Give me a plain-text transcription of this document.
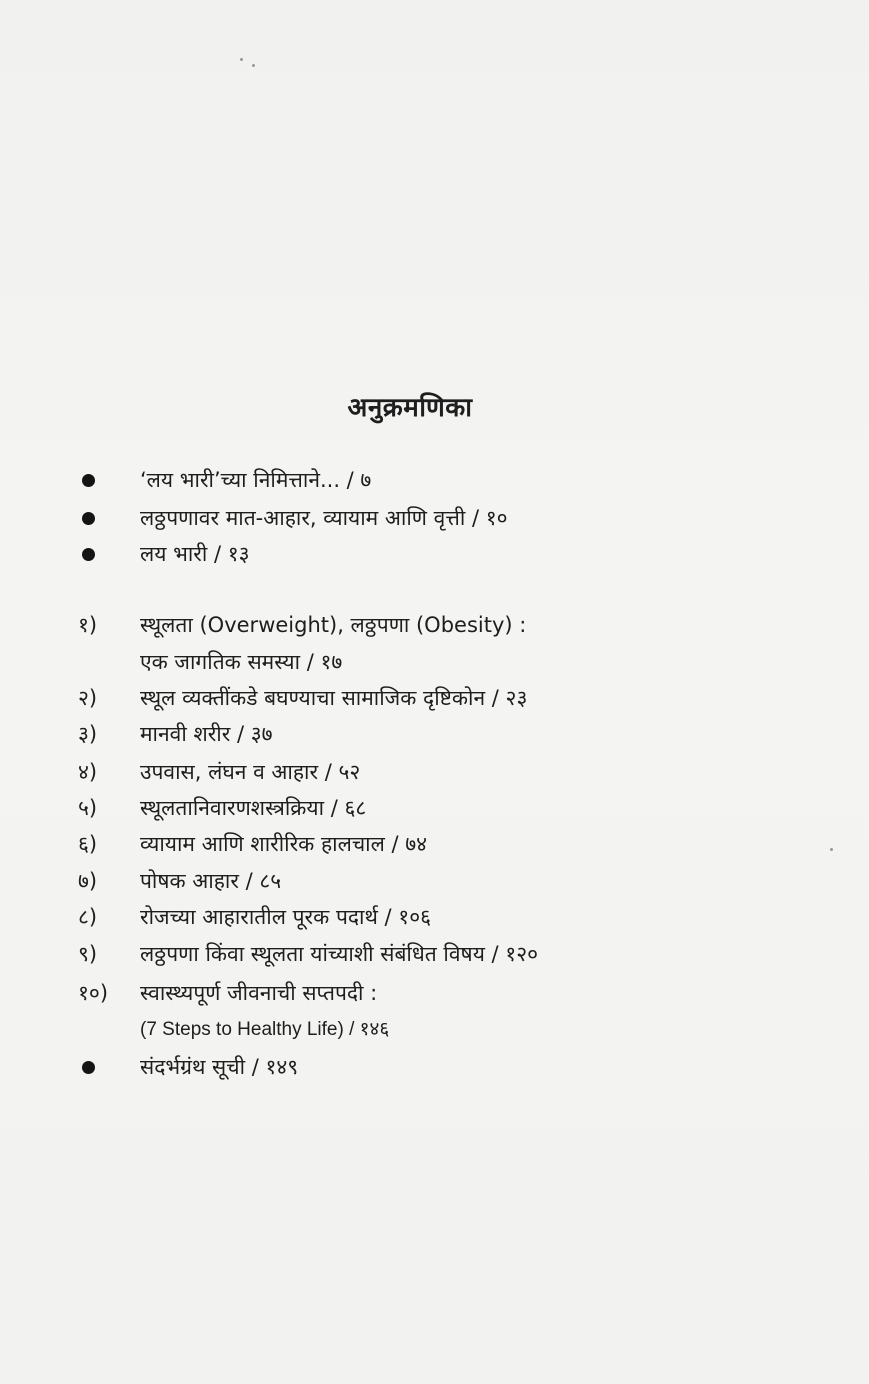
अनुक्रमणिका
‘लय भारी’च्या निमित्ताने... / ७
लठ्ठपणावर मात-आहार, व्यायाम आणि वृत्ती / १०
लय भारी / १३
१)	स्थूलता (Overweight), लठ्ठपणा (Obesity) :
एक जागतिक समस्या / १७
२)	स्थूल व्यक्तींकडे बघण्याचा सामाजिक दृष्टिकोन / २३
३)	मानवी शरीर / ३७
४)	उपवास, लंघन व आहार / ५२
५)	स्थूलतानिवारणशस्त्रक्रिया / ६८
६)	व्यायाम आणि शारीरिक हालचाल / ७४
७)	पोषक आहार / ८५
८)	रोजच्या आहारातील पूरक पदार्थ / १०६
९)	लठ्ठपणा किंवा स्थूलता यांच्याशी संबंधित विषय / १२०
१०)	स्वास्थ्यपूर्ण जीवनाची सप्तपदी :
(7 Steps to Healthy Life) / १४६
संदर्भग्रंथ सूची / १४९
